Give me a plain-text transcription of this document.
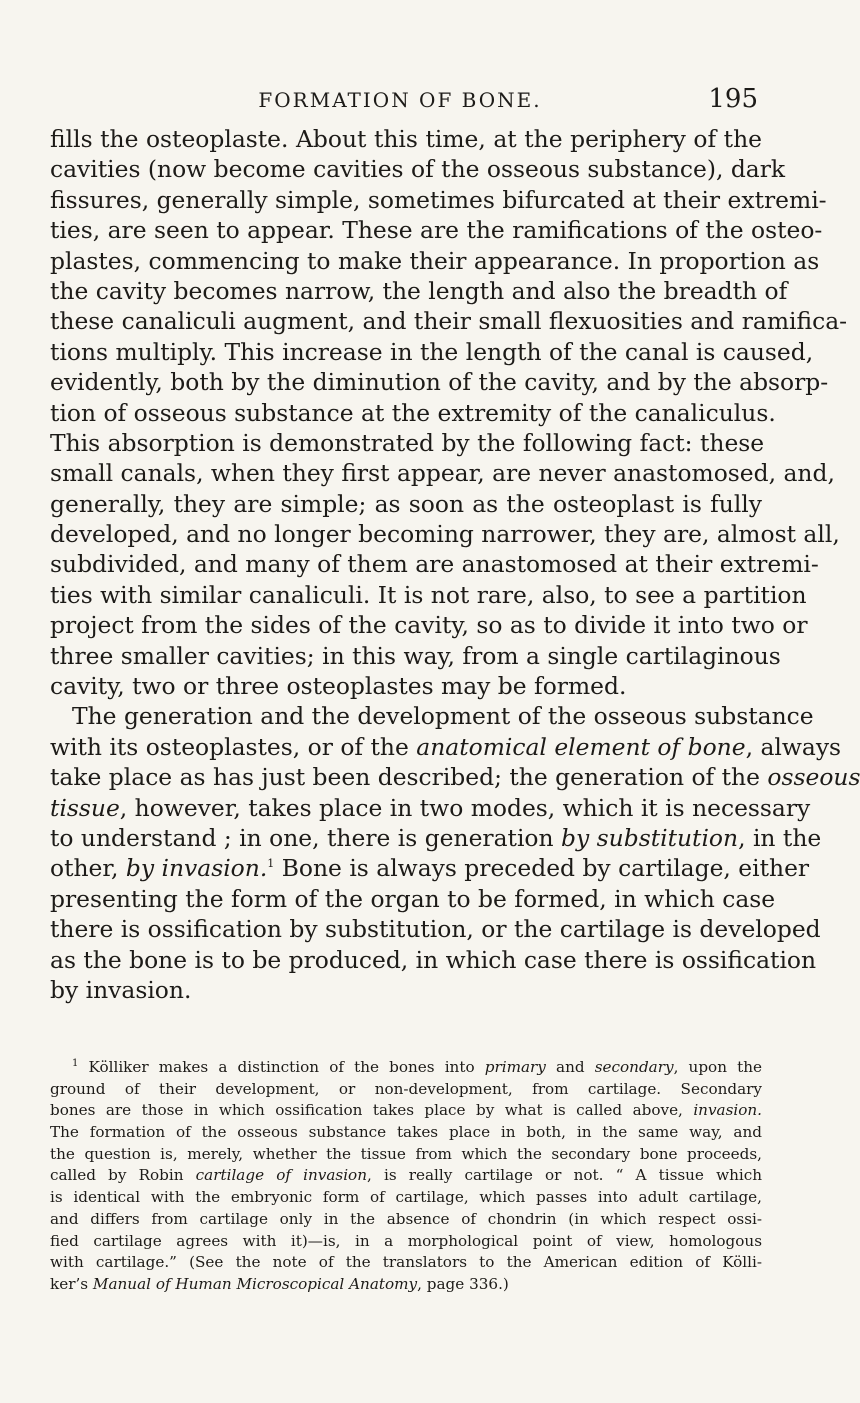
FORMATION OF BONE.	195
fills the osteoplaste. About this time, at the periphery of the
cavities (now become cavities of the osseous substance), dark
fissures, generally simple, sometimes bifurcated at their extremi-
ties, are seen to appear. These are the ramifications of the osteo-
plastes, commencing to make their appearance. In proportion as
the cavity becomes narrow, the length and also the breadth of
these canaliculi augment, and their small flexuosities and ramifica-
tions multiply. This increase in the length of the canal is caused,
evidently, both by the diminution of the cavity, and by the absorp-
tion of osseous substance at the extremity of the canaliculus.
This absorption is demonstrated by the following fact: these
small canals, when they first appear, are never anastomosed, and,
generally, they are simple; as soon as the osteoplast is fully
developed, and no longer becoming narrower, they are, almost all,
subdivided, and many of them are anastomosed at their extremi-
ties with similar canaliculi. It is not rare, also, to see a partition
project from the sides of the cavity, so as to divide it into two or
three smaller cavities; in this way, from a single cartilaginous
cavity, two or three osteoplastes may be formed.
The generation and the development of the osseous substance
with its osteoplastes, or of the anatomical element of bone, always
take place as has just been described; the generation of the osseous
tissue, however, takes place in two modes, which it is necessary
to understand ; in one, there is generation by substitution, in the
other, by invasion.$^1$ Bone is always preceded by cartilage, either
presenting the form of the organ to be formed, in which case
there is ossification by substitution, or the cartilage is developed
as the bone is to be produced, in which case there is ossification
by invasion.
$^1$ Kölliker makes a distinction of the bones into primary and secondary, upon the
ground of their development, or non-development, from cartilage. Secondary
bones are those in which ossification takes place by what is called above, invasion.
The formation of the osseous substance takes place in both, in the same way, and
the question is, merely, whether the tissue from which the secondary bone proceeds,
called by Robin cartilage of invasion, is really cartilage or not. “ A tissue which
is identical with the embryonic form of cartilage, which passes into adult cartilage,
and differs from cartilage only in the absence of chondrin (in which respect ossi-
fied cartilage agrees with it)—is, in a morphological point of view, homologous
with cartilage.” (See the note of the translators to the American edition of Kölli-
ker’s Manual of Human Microscopical Anatomy, page 336.)
